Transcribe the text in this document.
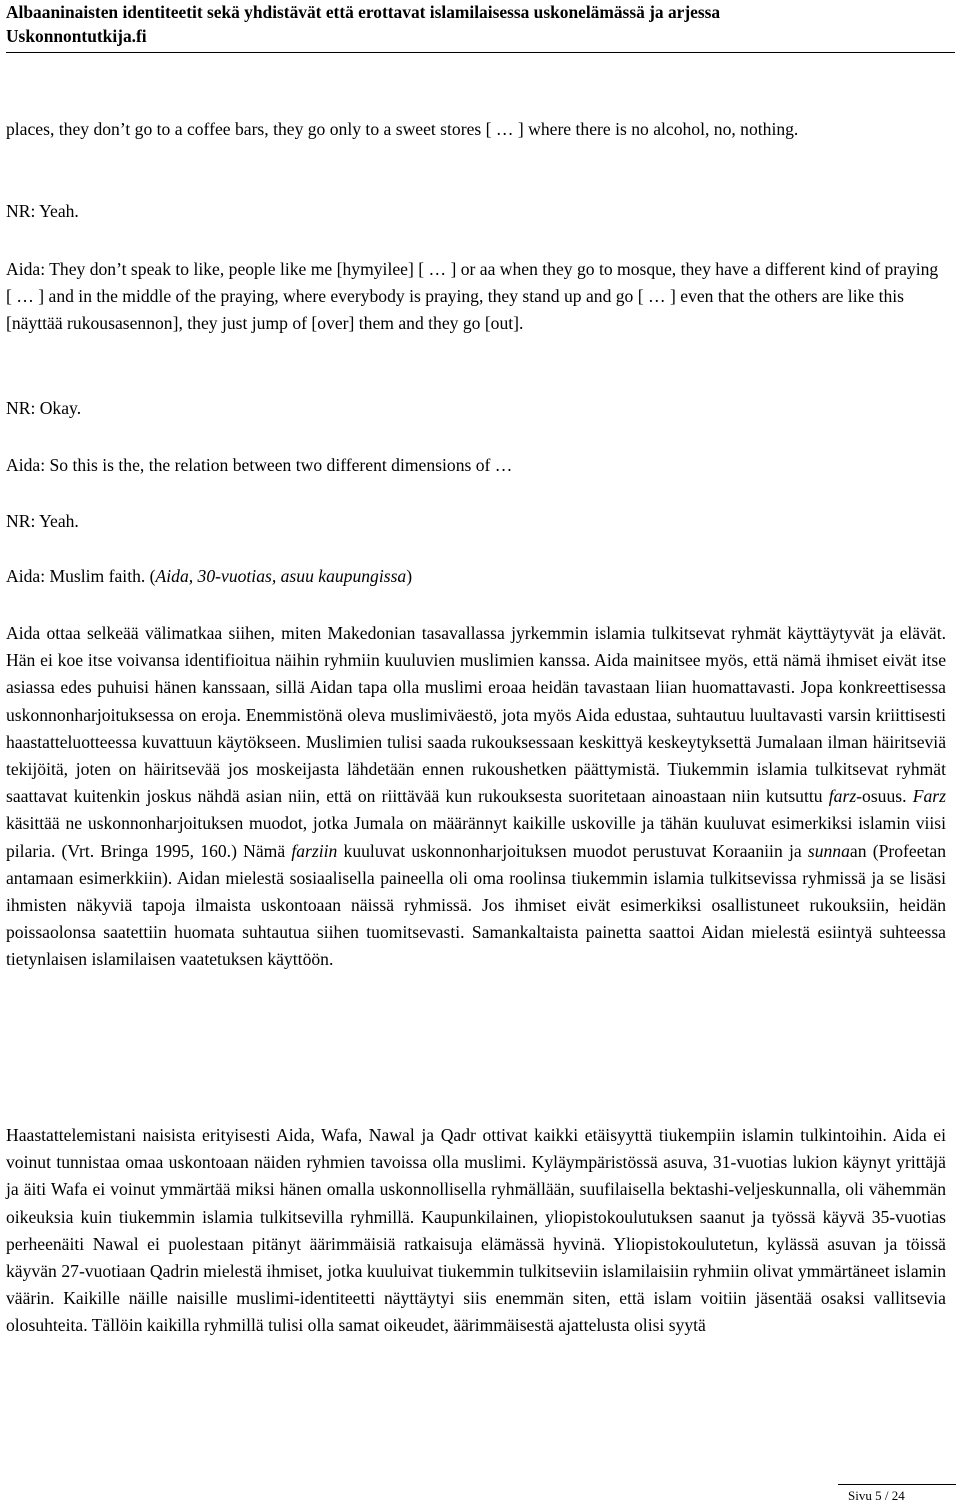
Albaaninaisten identiteetit sekä yhdistävät että erottavat islamilaisessa uskonelämässä ja arjessa
Uskonnontutkija.fi

places, they don’t go to a coffee bars, they go only to a sweet stores [ … ] where there is no alcohol, no, nothing.

NR: Yeah.

Aida: They don’t speak to like, people like me [hymyilee] [ … ] or aa when they go to mosque, they have a different kind of praying [ … ] and in the middle of the praying, where everybody is praying, they stand up and go [ … ] even that the others are like this [näyttää rukousasennon], they just jump of [over] them and they go [out].

NR: Okay.

Aida: So this is the, the relation between two different dimensions of …

NR: Yeah.

Aida: Muslim faith. (Aida, 30-vuotias, asuu kaupungissa)

Aida ottaa selkeää välimatkaa siihen, miten Makedonian tasavallassa jyrkemmin islamia tulkitsevat ryhmät käyttäytyvät ja elävät. Hän ei koe itse voivansa identifioitua näihin ryhmiin kuuluvien muslimien kanssa. Aida mainitsee myös, että nämä ihmiset eivät itse asiassa edes puhuisi hänen kanssaan, sillä Aidan tapa olla muslimi eroaa heidän tavastaan liian huomattavasti. Jopa konkreettisessa uskonnonharjoituksessa on eroja. Enemmistönä oleva muslimiväestö, jota myös Aida edustaa, suhtautuu luultavasti varsin kriittisesti haastatteluotteessa kuvattuun käytökseen. Muslimien tulisi saada rukouksessaan keskittyä keskeytyksettä Jumalaan ilman häiritseviä tekijöitä, joten on häiritsevää jos moskeijasta lähdetään ennen rukoushetken päättymistä. Tiukemmin islamia tulkitsevat ryhmät saattavat kuitenkin joskus nähdä asian niin, että on riittävää kun rukouksesta suoritetaan ainoastaan niin kutsuttu farz-osuus. Farz käsittää ne uskonnonharjoituksen muodot, jotka Jumala on määrännyt kaikille uskoville ja tähän kuuluvat esimerkiksi islamin viisi pilaria. (Vrt. Bringa 1995, 160.) Nämä farziin kuuluvat uskonnonharjoituksen muodot perustuvat Koraaniin ja sunnaan (Profeetan antamaan esimerkkiin). Aidan mielestä sosiaalisella paineella oli oma roolinsa tiukemmin islamia tulkitsevissa ryhmissä ja se lisäsi ihmisten näkyviä tapoja ilmaista uskontoaan näissä ryhmissä. Jos ihmiset eivät esimerkiksi osallistuneet rukouksiin, heidän poissaolonsa saatettiin huomata suhtautua siihen tuomitsevasti. Samankaltaista painetta saattoi Aidan mielestä esiintyä suhteessa tietynlaisen islamilaisen vaatetuksen käyttöön.

Haastattelemistani naisista erityisesti Aida, Wafa, Nawal ja Qadr ottivat kaikki etäisyyttä tiukempiin islamin tulkintoihin. Aida ei voinut tunnistaa omaa uskontoaan näiden ryhmien tavoissa olla muslimi. Kyläympäristössä asuva, 31-vuotias lukion käynyt yrittäjä ja äiti Wafa ei voinut ymmärtää miksi hänen omalla uskonnollisella ryhmällään, suufilaisella bektashi-veljeskunnalla, oli vähemmän oikeuksia kuin tiukemmin islamia tulkitsevilla ryhmillä. Kaupunkilainen, yliopistokoulutuksen saanut ja työssä käyvä 35-vuotias perheenäiti Nawal ei puolestaan pitänyt äärimmäisiä ratkaisuja elämässä hyvinä. Yliopistokoulutetun, kylässä asuvan ja töissä käyvän 27-vuotiaan Qadrin mielestä ihmiset, jotka kuuluivat tiukemmin tulkitseviin islamilaisiin ryhmiin olivat ymmärtäneet islamin väärin. Kaikille näille naisille muslimi-identiteetti näyttäytyi siis enemmän siten, että islam voitiin jäsentää osaksi vallitsevia olosuhteita. Tällöin kaikilla ryhmillä tulisi olla samat oikeudet, äärimmäisestä ajattelusta olisi syytä

Sivu 5 / 24
